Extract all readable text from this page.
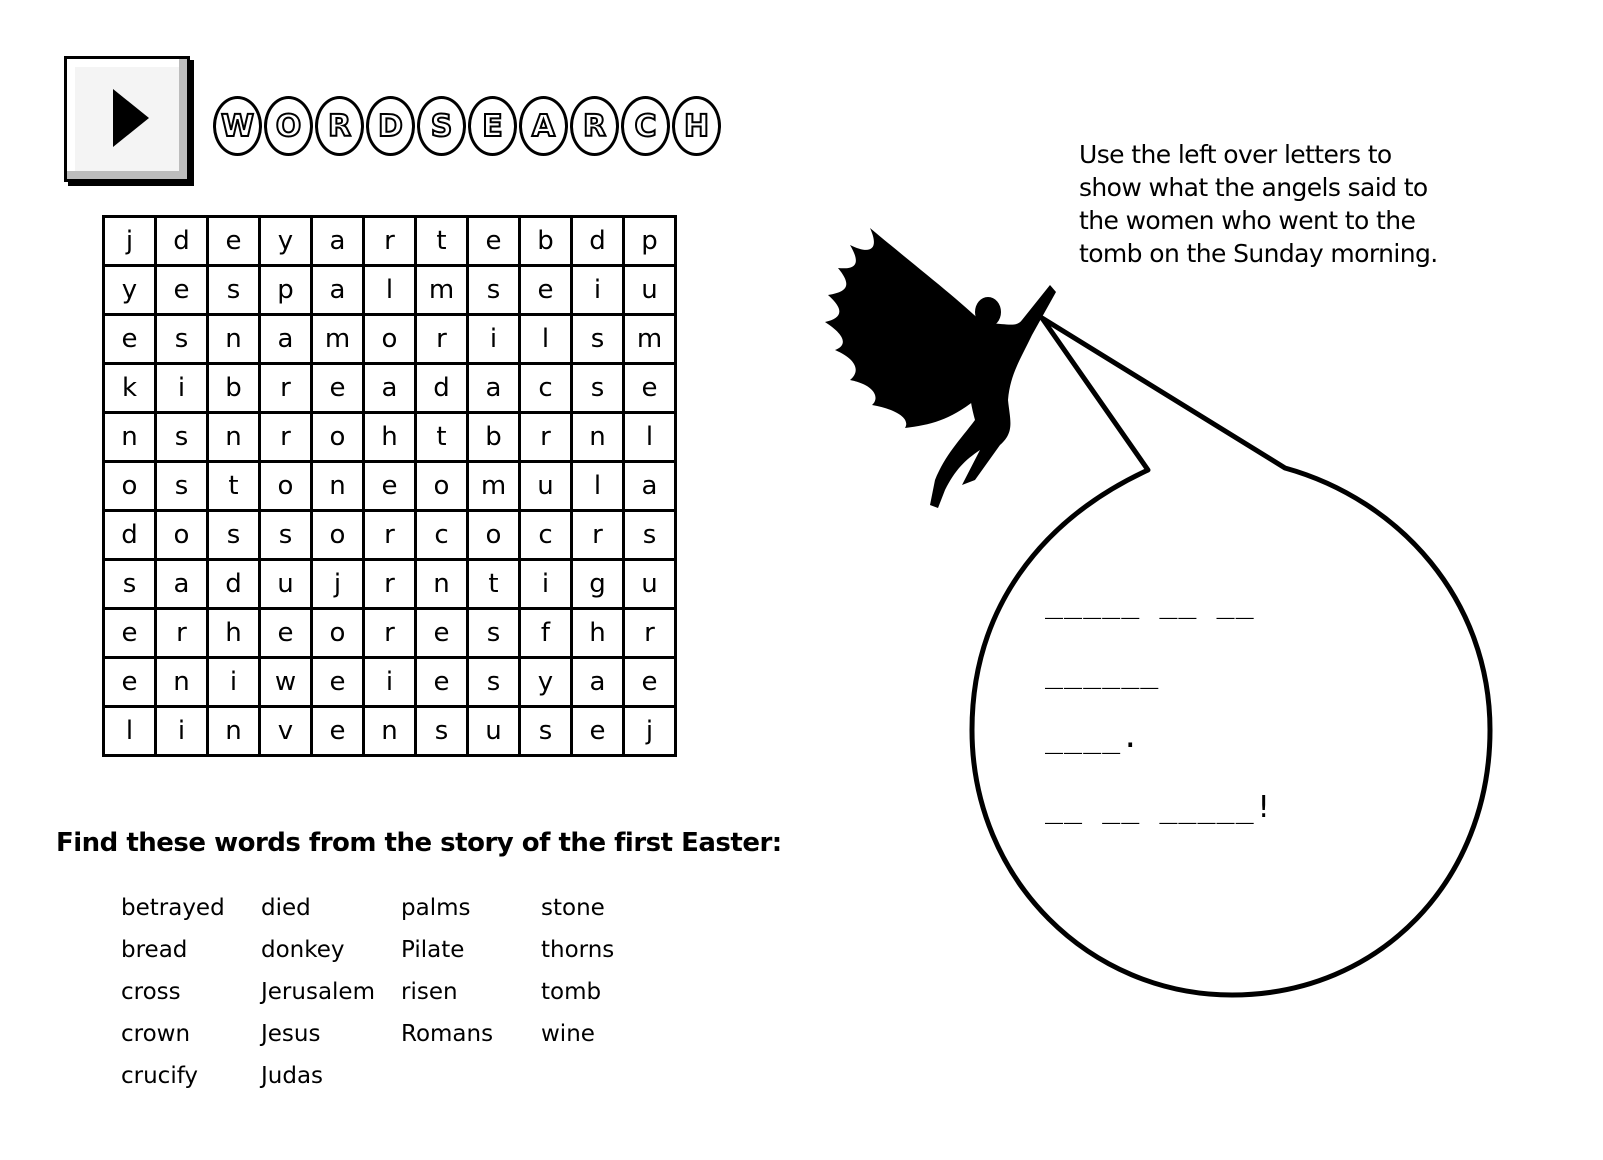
W O R D S E A R C H
j	d	e	y	a	r	t	e	b	d	p
y	e	s	p	a	l	m	s	e	i	u
e	s	n	a	m	o	r	i	l	s	m
k	i	b	r	e	a	d	a	c	s	e
n	s	n	r	o	h	t	b	r	n	l
o	s	t	o	n	e	o	m	u	l	a
d	o	s	s	o	r	c	o	c	r	s
s	a	d	u	j	r	n	t	i	g	u
e	r	h	e	o	r	e	s	f	h	r
e	n	i	w	e	i	e	s	y	a	e
l	i	n	v	e	n	s	u	s	e	j
Find these words from the story of the first Easter:
betrayed
bread
cross
crown
crucify
died
donkey
Jerusalem
Jesus
Judas
palms
Pilate
risen
Romans
stone
thorns
tomb
wine
Use the left over letters to
show what the angels said to
the women who went to the
tomb on the Sunday morning.
_____ __ __
______
____.
__ __ _____!
